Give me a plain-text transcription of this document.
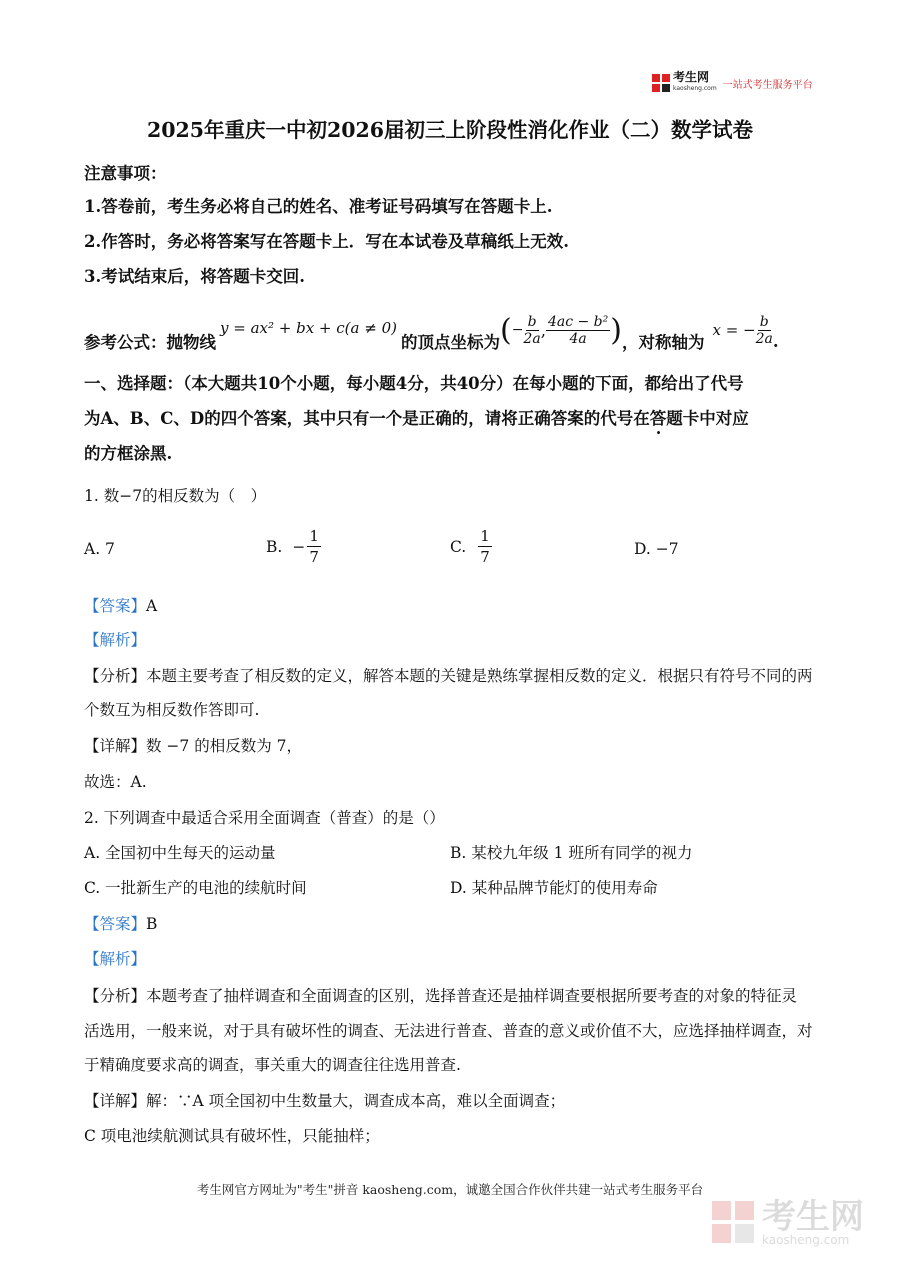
考生网
kaosheng.com 一站式考生服务平台
2025年重庆一中初2026届初三上阶段性消化作业（二）数学试卷
注意事项：
1.答卷前，考生务必将自己的姓名、准考证号码填写在答题卡上.
2.作答时，务必将答案写在答题卡上．写在本试卷及草稿纸上无效.
3.考试结束后，将答题卡交回.
参考公式：抛物线
y = ax² + bx + c(a ≠ 0)
的顶点坐标为 ( − $\frac{b}{2a}$ , $\frac{\text{4ac − b²}}{4a}$ ) ，对称轴为
x = − $\frac{b}{2a}$ .
一、选择题：（本大题共10个小题，每小题4分，共40分）在每小题的下面，都给出了代号
为A、B、C、D的四个答案，其中只有一个是正确的，请将正确答案的代号在答题卡中对应
的方框涂黑.
1. 数−7的相反数为（　）
A. 7	B. − $\frac{1}{7}$	C. $\frac{1}{7}$	D. −7
【答案】A
【解析】
【分析】本题主要考查了相反数的定义，解答本题的关键是熟练掌握相反数的定义．根据只有符号不同的两
个数互为相反数作答即可.
【详解】数 −7 的相反数为 7，
故选：A.
2. 下列调查中最适合采用全面调查（普查）的是（）
A. 全国初中生每天的运动量	B. 某校九年级 1 班所有同学的视力
C. 一批新生产的电池的续航时间	D. 某种品牌节能灯的使用寿命
【答案】B
【解析】
【分析】本题考查了抽样调查和全面调查的区别，选择普查还是抽样调查要根据所要考查的对象的特征灵
活选用，一般来说，对于具有破坏性的调查、无法进行普查、普查的意义或价值不大，应选择抽样调查，对
于精确度要求高的调查，事关重大的调查往往选用普查.
【详解】解：∵A 项全国初中生数量大，调查成本高，难以全面调查；
C 项电池续航测试具有破坏性，只能抽样；
考生网官方网址为"考生"拼音 kaosheng.com，诚邀全国合作伙伴共建一站式考生服务平台
考生网
kaosheng.com
